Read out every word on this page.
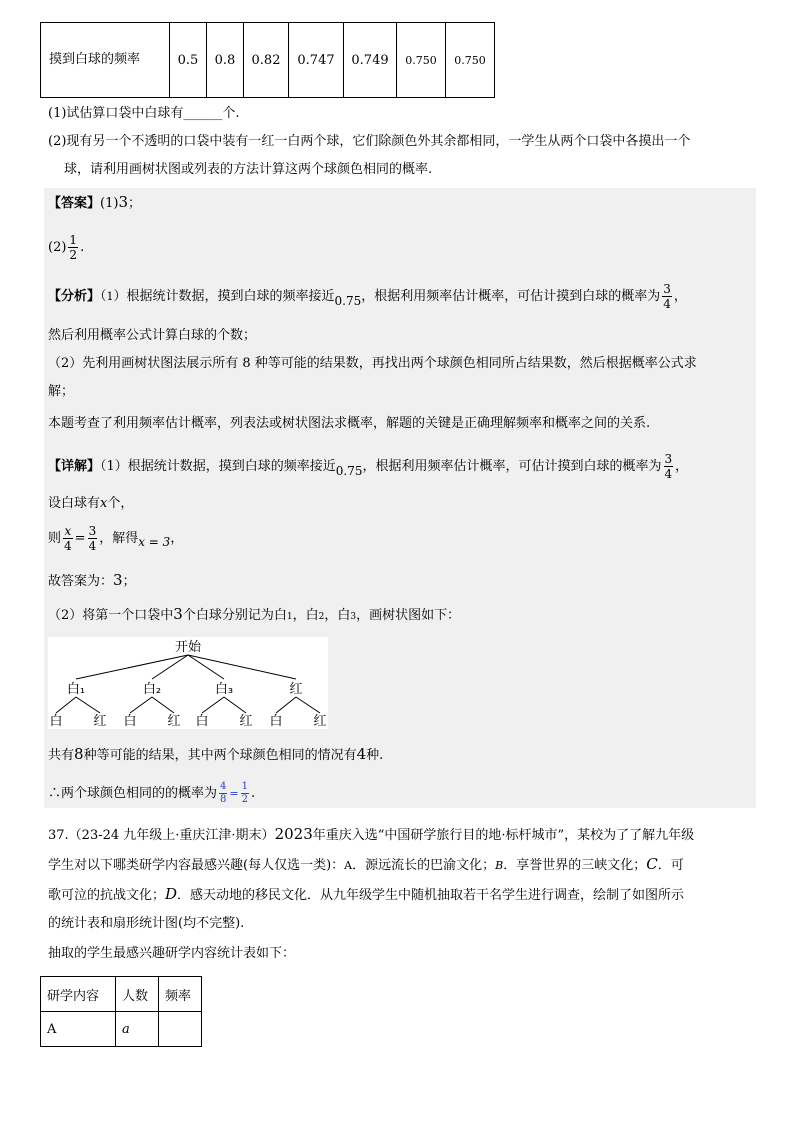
摸到白球的频率	0.5	0.8	0.82	0.747	0.749	0.750	0.750
(1)试估算口袋中白球有______个.
(2)现有另一个不透明的口袋中装有一红一白两个球，它们除颜色外其余都相同，一学生从两个口袋中各摸出一个
球，请利用画树状图或列表的方法计算这两个球颜色相同的概率.
【答案】(1)3；
$(2) \frac{1}{2}$ .
【分析】（1）根据统计数据，摸到白球的频率接近0.75，根据利用频率估计概率，可估计摸到白球的概率为 $\frac{3}{4}$ ，
然后利用概率公式计算白球的个数；
（2）先利用画树状图法展示所有 8 种等可能的结果数，再找出两个球颜色相同所占结果数，然后根据概率公式求
解；
本题考查了利用频率估计概率，列表法或树状图法求概率，解题的关键是正确理解频率和概率之间的关系.
【详解】（1）根据统计数据，摸到白球的频率接近0.75，根据利用频率估计概率，可估计摸到白球的概率为 $\frac{3}{4}$ ，
设白球有x个，
则 $\frac{x}{4} = \frac{3}{4}$ ，解得x = 3，
故答案为：3；
（2）将第一个口袋中3个白球分别记为白1，白2，白3，画树状图如下：
开始
白₁	白₂	白₃	红
白 红 白 红 白 红 白 红
共有8种等可能的结果，其中两个球颜色相同的情况有4种.
∴两个球颜色相同的的概率为 $\frac{4}{8} = \frac{1}{2}$ .
37.（23-24 九年级上·重庆江津·期末）2023年重庆入选“中国研学旅行目的地·标杆城市”，某校为了了解九年级
学生对以下哪类研学内容最感兴趣(每人仅选一类)：A．源远流长的巴渝文化；B．享誉世界的三峡文化；C．可
歌可泣的抗战文化；D．感天动地的移民文化．从九年级学生中随机抽取若干名学生进行调查，绘制了如图所示
的统计表和扇形统计图(均不完整).
抽取的学生最感兴趣研学内容统计表如下：
研学内容	人数	频率
A	a	
